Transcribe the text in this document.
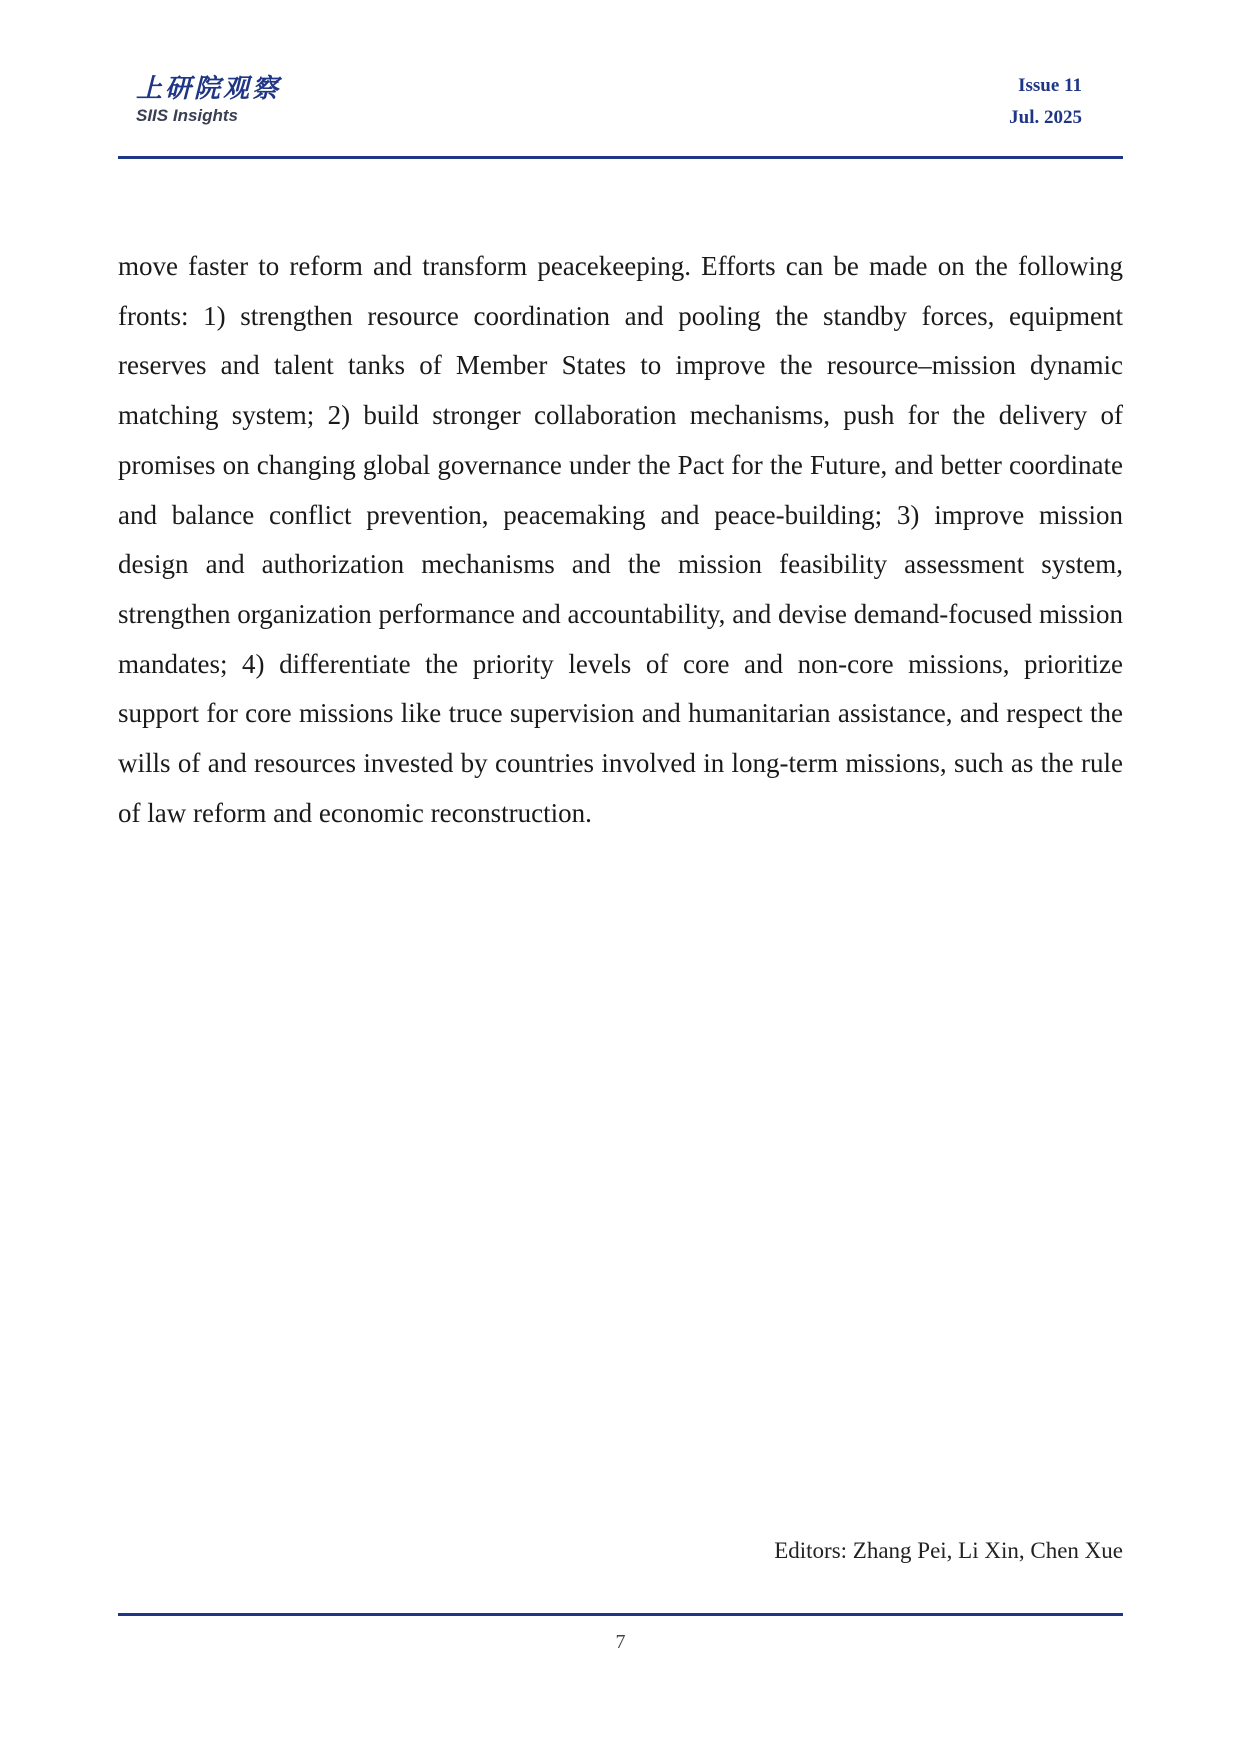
上研院观察
SIIS Insights
Issue 11
Jul. 2025

move faster to reform and transform peacekeeping. Efforts can be made on the following fronts: 1) strengthen resource coordination and pooling the standby forces, equipment reserves and talent tanks of Member States to improve the resource–mission dynamic matching system; 2) build stronger collaboration mechanisms, push for the delivery of promises on changing global governance under the Pact for the Future, and better coordinate and balance conflict prevention, peacemaking and peace-building; 3) improve mission design and authorization mechanisms and the mission feasibility assessment system, strengthen organization performance and accountability, and devise demand-focused mission mandates; 4) differentiate the priority levels of core and non-core missions, prioritize support for core missions like truce supervision and humanitarian assistance, and respect the wills of and resources invested by countries involved in long-term missions, such as the rule of law reform and economic reconstruction.

Editors: Zhang Pei, Li Xin, Chen Xue
7
